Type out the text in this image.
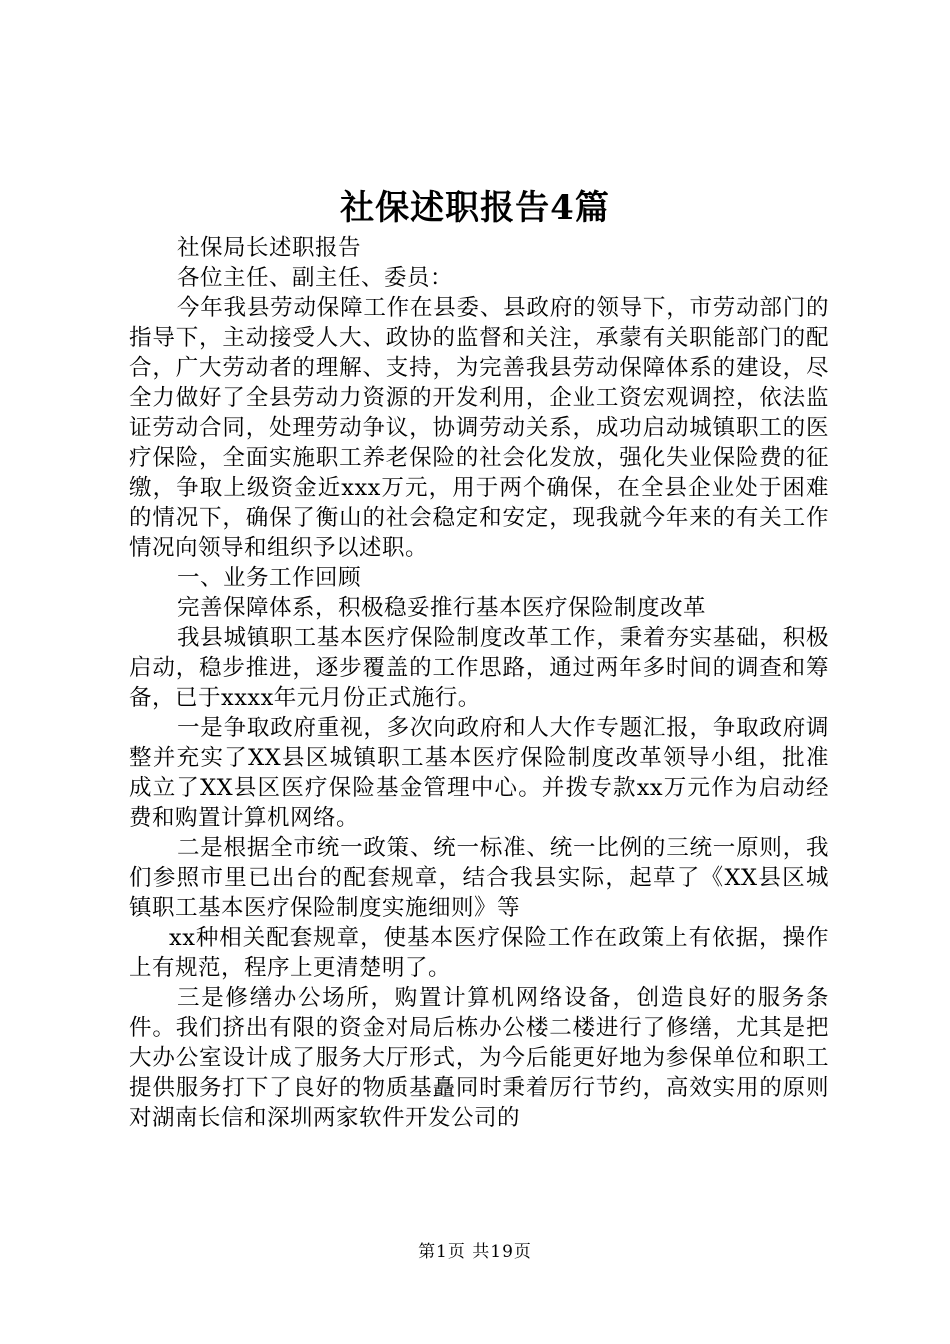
社保述职报告4篇

社保局长述职报告

各位主任、副主任、委员：

今年我县劳动保障工作在县委、县政府的领导下，市劳动部门的指导下，主动接受人大、政协的监督和关注，承蒙有关职能部门的配合，广大劳动者的理解、支持，为完善我县劳动保障体系的建设，尽全力做好了全县劳动力资源的开发利用，企业工资宏观调控，依法监证劳动合同，处理劳动争议，协调劳动关系，成功启动城镇职工的医疗保险，全面实施职工养老保险的社会化发放，强化失业保险费的征缴，争取上级资金近xxx万元，用于两个确保，在全县企业处于困难的情况下，确保了衡山的社会稳定和安定，现我就今年来的有关工作情况向领导和组织予以述职。

一、业务工作回顾

完善保障体系，积极稳妥推行基本医疗保险制度改革

我县城镇职工基本医疗保险制度改革工作，秉着夯实基础，积极启动，稳步推进，逐步覆盖的工作思路，通过两年多时间的调查和筹备，已于xxxx年元月份正式施行。

一是争取政府重视，多次向政府和人大作专题汇报，争取政府调整并充实了XX县区城镇职工基本医疗保险制度改革领导小组，批准成立了XX县区医疗保险基金管理中心。并拨专款xx万元作为启动经费和购置计算机网络。

二是根据全市统一政策、统一标准、统一比例的三统一原则，我们参照市里已出台的配套规章，结合我县实际，起草了《XX县区城镇职工基本医疗保险制度实施细则》等

xx种相关配套规章，使基本医疗保险工作在政策上有依据，操作上有规范，程序上更清楚明了。

三是修缮办公场所，购置计算机网络设备，创造良好的服务条件。我们挤出有限的资金对局后栋办公楼二楼进行了修缮，尤其是把大办公室设计成了服务大厅形式，为今后能更好地为参保单位和职工提供服务打下了良好的物质基矗同时秉着厉行节约，高效实用的原则对湖南长信和深圳两家软件开发公司的

第1页 共19页
